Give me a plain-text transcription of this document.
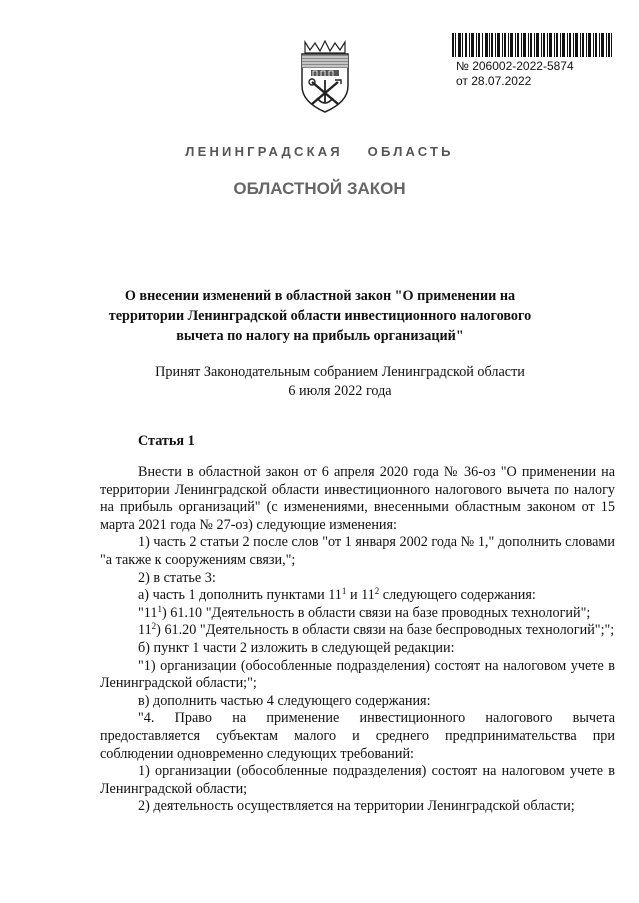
№ 206002-2022-5874
от 28.07.2022
ЛЕНИНГРАДСКАЯ ОБЛАСТЬ
ОБЛАСТНОЙ ЗАКОН
О внесении изменений в областной закон "О применении на территории Ленинградской области инвестиционного налогового вычета по налогу на прибыль организаций"
Принят Законодательным собранием Ленинградской области
6 июля 2022 года
Статья 1

Внести в областной закон от 6 апреля 2020 года № 36-оз "О применении на территории Ленинградской области инвестиционного налогового вычета по налогу на прибыль организаций" (с изменениями, внесенными областным законом от 15 марта 2021 года № 27-оз) следующие изменения:

1) часть 2 статьи 2 после слов "от 1 января 2002 года № 1," дополнить словами "а также к сооружениям связи,";

2) в статье 3:

а) часть 1 дополнить пунктами $11^1$ и $11^2$ следующего содержания:

"$11^1$) 61.10 "Деятельность в области связи на базе проводных технологий";

$11^2$) 61.20 "Деятельность в области связи на базе беспроводных технологий";";

б) пункт 1 части 2 изложить в следующей редакции:

"1) организации (обособленные подразделения) состоят на налоговом учете в Ленинградской области;";

в) дополнить частью 4 следующего содержания:

"4. Право на применение инвестиционного налогового вычета предоставляется субъектам малого и среднего предпринимательства при соблюдении одновременно следующих требований:

1) организации (обособленные подразделения) состоят на налоговом учете в Ленинградской области;

2) деятельность осуществляется на территории Ленинградской области;
